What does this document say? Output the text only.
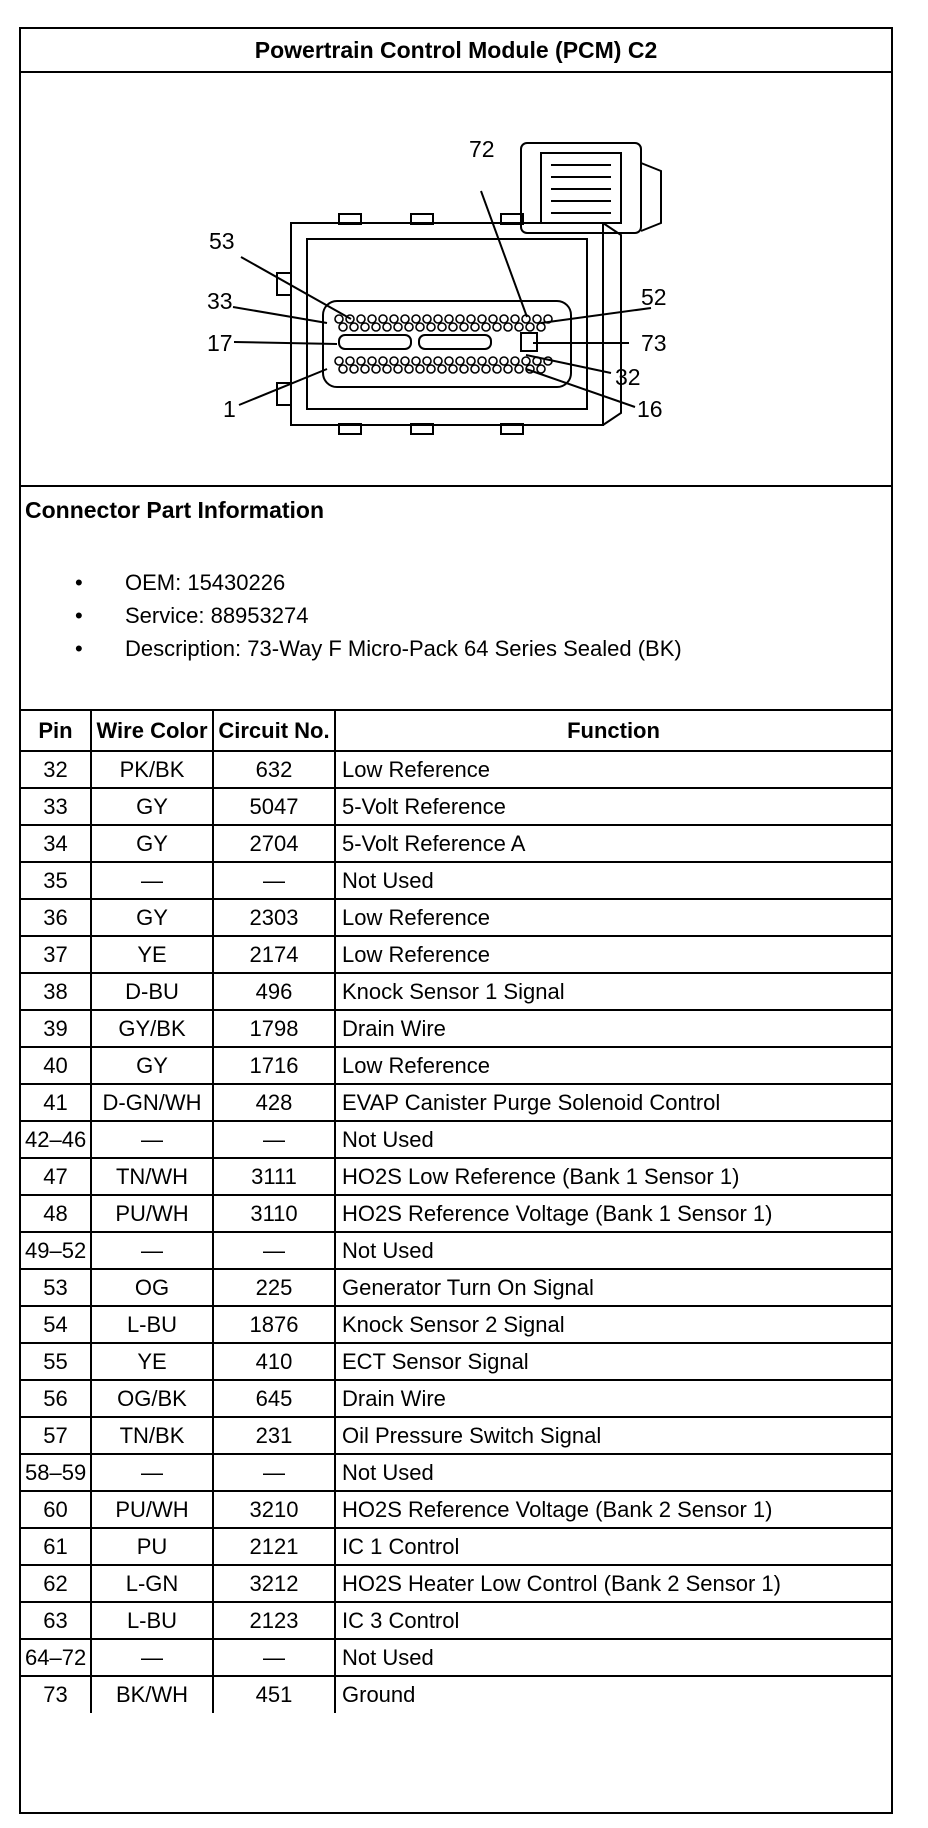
Powertrain Control Module (PCM) C2
72
53
52
33
17	73
32
1	16
Connector Part Information
• OEM: 15430226
• Service: 88953274
• Description: 73-Way F Micro-Pack 64 Series Sealed (BK)
Pin	Wire Color	Circuit No.	Function
32	PK/BK	632	Low Reference
33	GY	5047	5-Volt Reference
34	GY	2704	5-Volt Reference A
35	—	—	Not Used
36	GY	2303	Low Reference
37	YE	2174	Low Reference
38	D-BU	496	Knock Sensor 1 Signal
39	GY/BK	1798	Drain Wire
40	GY	1716	Low Reference
41	D-GN/WH	428	EVAP Canister Purge Solenoid Control
42–46	—	—	Not Used
47	TN/WH	3111	HO2S Low Reference (Bank 1 Sensor 1)
48	PU/WH	3110	HO2S Reference Voltage (Bank 1 Sensor 1)
49–52	—	—	Not Used
53	OG	225	Generator Turn On Signal
54	L-BU	1876	Knock Sensor 2 Signal
55	YE	410	ECT Sensor Signal
56	OG/BK	645	Drain Wire
57	TN/BK	231	Oil Pressure Switch Signal
58–59	—	—	Not Used
60	PU/WH	3210	HO2S Reference Voltage (Bank 2 Sensor 1)
61	PU	2121	IC 1 Control
62	L-GN	3212	HO2S Heater Low Control (Bank 2 Sensor 1)
63	L-BU	2123	IC 3 Control
64–72	—	—	Not Used
73	BK/WH	451	Ground
